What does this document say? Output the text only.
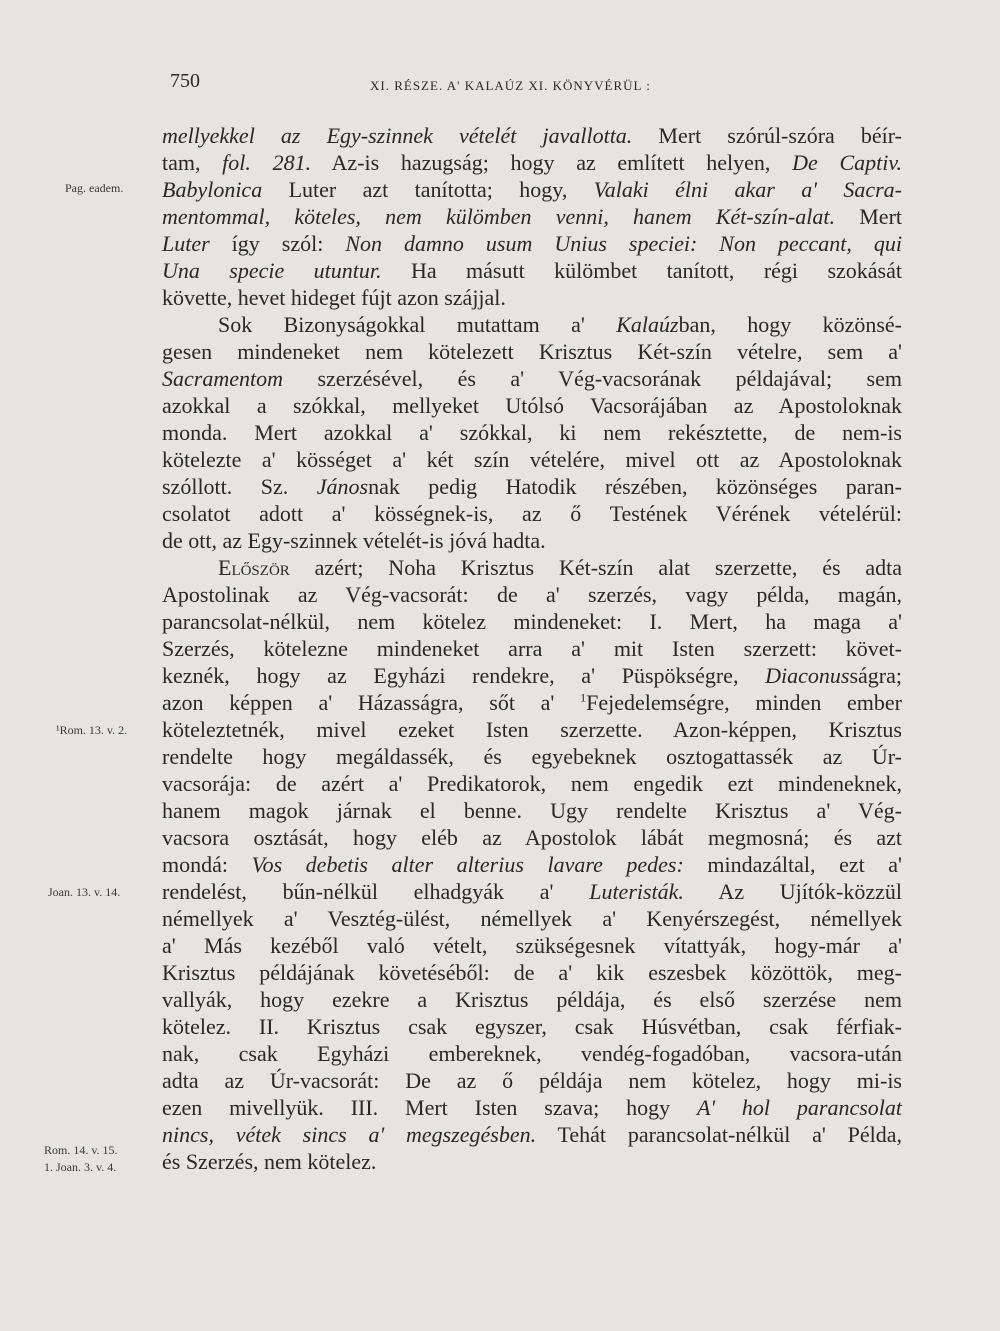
750	XI. RÉSZE. A' KALAÚZ XI. KÖNYVÉRÜL :
Pag. eadem.
¹Rom. 13. v. 2.
Joan. 13. v. 14.
Rom. 14. v. 15.
1. Joan. 3. v. 4.
mellyekkel az Egy-szinnek vételét javallotta. Mert szórúl-szóra béír-
tam, fol. 281. Az-is hazugság; hogy az említett helyen, De Captiv.
Babylonica Luter azt tanította; hogy, Valaki élni akar a' Sacra-
mentommal, köteles, nem külömben venni, hanem Két-szín-alat. Mert
Luter így szól: Non damno usum Unius speciei: Non peccant, qui
Una specie utuntur. Ha másutt külömbet tanított, régi szokását
követte, hevet hideget fújt azon szájjal.
Sok Bizonyságokkal mutattam a' Kalaúzban, hogy közönsé-
gesen mindeneket nem kötelezett Krisztus Két-szín vételre, sem a'
Sacramentom szerzésével, és a' Vég-vacsorának példajával; sem
azokkal a szókkal, mellyeket Utólsó Vacsorájában az Apostoloknak
monda. Mert azokkal a' szókkal, ki nem rekésztette, de nem-is
kötelezte a' kösséget a' két szín vételére, mivel ott az Apostoloknak
szóllott. Sz. Jánosnak pedig Hatodik részében, közönséges paran-
csolatot adott a' kösségnek-is, az ő Testének Vérének vételérül:
de ott, az Egy-szinnek vételét-is jóvá hadta.
Először azért; Noha Krisztus Két-szín alat szerzette, és adta
Apostolinak az Vég-vacsorát: de a' szerzés, vagy példa, magán,
parancsolat-nélkül, nem kötelez mindeneket: I. Mert, ha maga a'
Szerzés, kötelezne mindeneket arra a' mit Isten szerzett: követ-
keznék, hogy az Egyházi rendekre, a' Püspökségre, Diaconusságra;
azon képpen a' Házasságra, sőt a' $^1$Fejedelemségre, minden ember
köteleztetnék, mivel ezeket Isten szerzette. Azon-képpen, Krisztus
rendelte hogy megáldassék, és egyebeknek osztogattassék az Úr-
vacsorája: de azért a' Predikatorok, nem engedik ezt mindeneknek,
hanem magok járnak el benne. Ugy rendelte Krisztus a' Vég-
vacsora osztását, hogy eléb az Apostolok lábát megmosná; és azt
mondá: Vos debetis alter alterius lavare pedes: mindazáltal, ezt a'
rendelést, bűn-nélkül elhadgyák a' Luteristák. Az Ujítók-közzül
némellyek a' Vesztég-ülést, némellyek a' Kenyérszegést, némellyek
a' Más kezéből való vételt, szükségesnek vítattyák, hogy-már a'
Krisztus példájának követéséből: de a' kik eszesbek közöttök, meg-
vallyák, hogy ezekre a Krisztus példája, és első szerzése nem
kötelez. II. Krisztus csak egyszer, csak Húsvétban, csak férfiak-
nak, csak Egyházi embereknek, vendég-fogadóban, vacsora-után
adta az Úr-vacsorát: De az ő példája nem kötelez, hogy mi-is
ezen mivellyük. III. Mert Isten szava; hogy A' hol parancsolat
nincs, vétek sincs a' megszegésben. Tehát parancsolat-nélkül a' Példa,
és Szerzés, nem kötelez.
